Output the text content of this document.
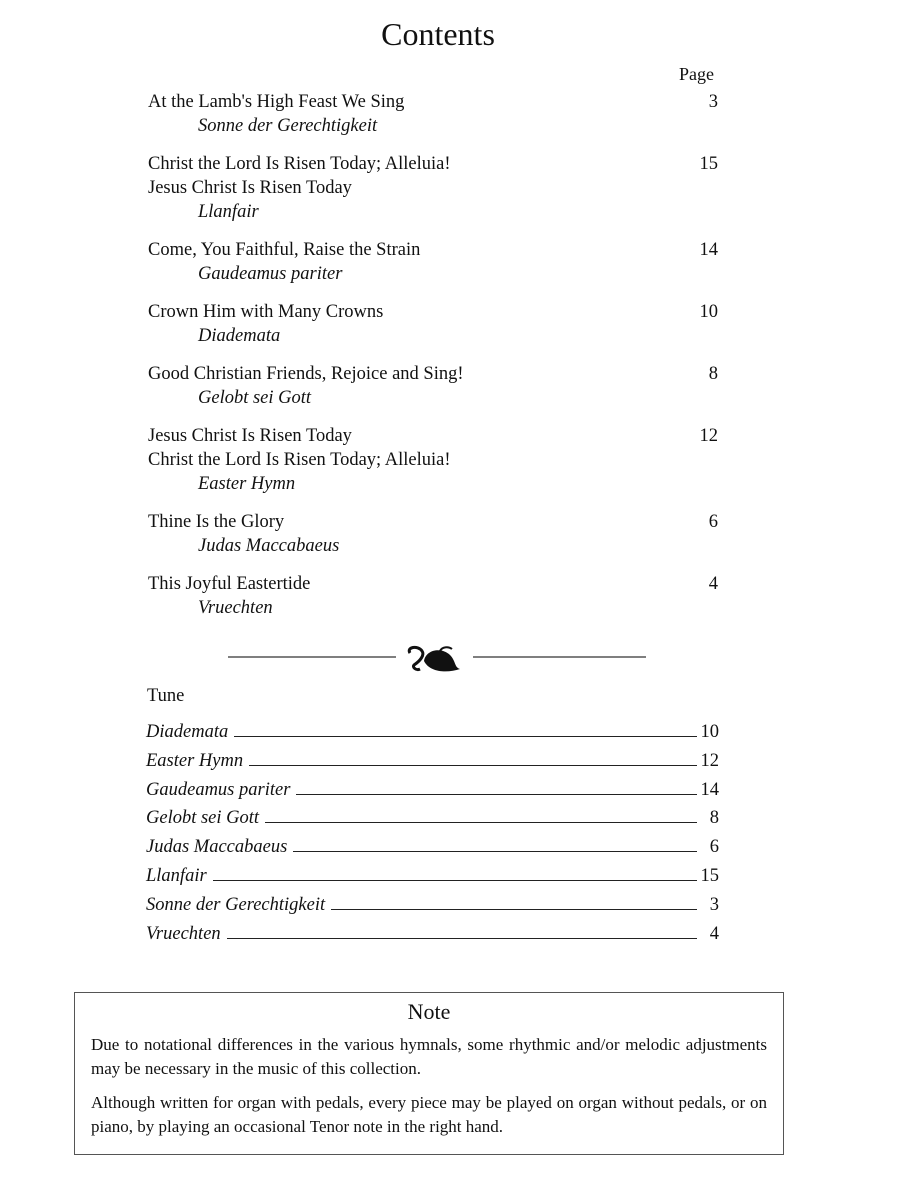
Contents
Page
At the Lamb's High Feast We Sing
Sonne der Gerechtigkeit
3
Christ the Lord Is Risen Today; Alleluia!
Jesus Christ Is Risen Today
Llanfair
15
Come, You Faithful, Raise the Strain
Gaudeamus pariter
14
Crown Him with Many Crowns
Diademata
10
Good Christian Friends, Rejoice and Sing!
Gelobt sei Gott
8
Jesus Christ Is Risen Today
Christ the Lord Is Risen Today; Alleluia!
Easter Hymn
12
Thine Is the Glory
Judas Maccabaeus
6
This Joyful Eastertide
Vruechten
4
Tune
Diademata	10
Easter Hymn	12
Gaudeamus pariter	14
Gelobt sei Gott	8
Judas Maccabaeus	6
Llanfair	15
Sonne der Gerechtigkeit	3
Vruechten	4
Note

Due to notational differences in the various hymnals, some rhythmic and/or melodic adjustments may be necessary in the music of this collection.

Although written for organ with pedals, every piece may be played on organ without pedals, or on piano, by playing an occasional Tenor note in the right hand.
